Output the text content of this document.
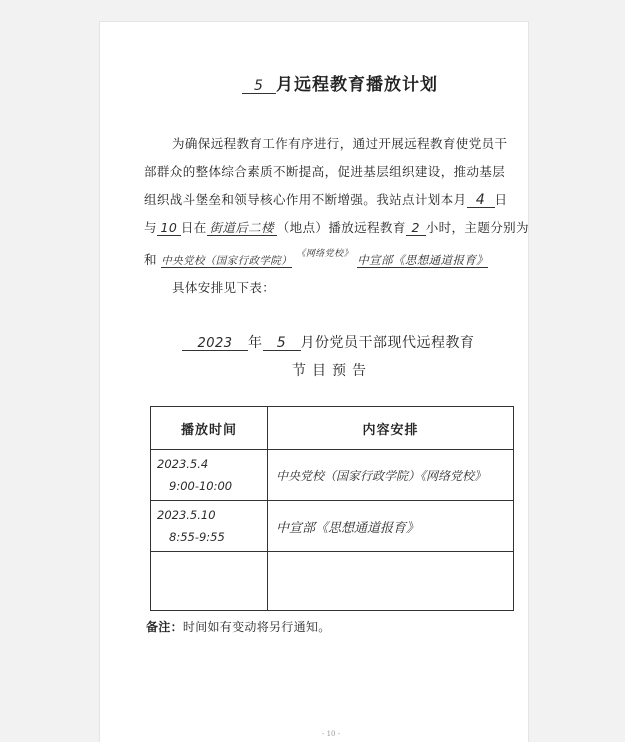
5 月远程教育播放计划
为确保远程教育工作有序进行，通过开展远程教育使党员干
部群众的整体综合素质不断提高，促进基层组织建设，推动基层
组织战斗堡垒和领导核心作用不断增强。我站点计划本月 4 日
与 10 日在 街道后二楼 （地点）播放远程教育 2 小时，主题分别为
和 中央党校（国家行政学院） $^{《网络党校》}$ 中宣部《思想通道报育》
具体安排见下表：
2023 年 5 月份党员干部现代远程教育
节目预告
播放时间	内容安排

2023.5.4
9:00-10:00	中央党校（国家行政学院）《网络党校》

2023.5.10
8:55-9:55	中宣部《思想通道报育》

备注：时间如有变动将另行通知。
- 10 -
